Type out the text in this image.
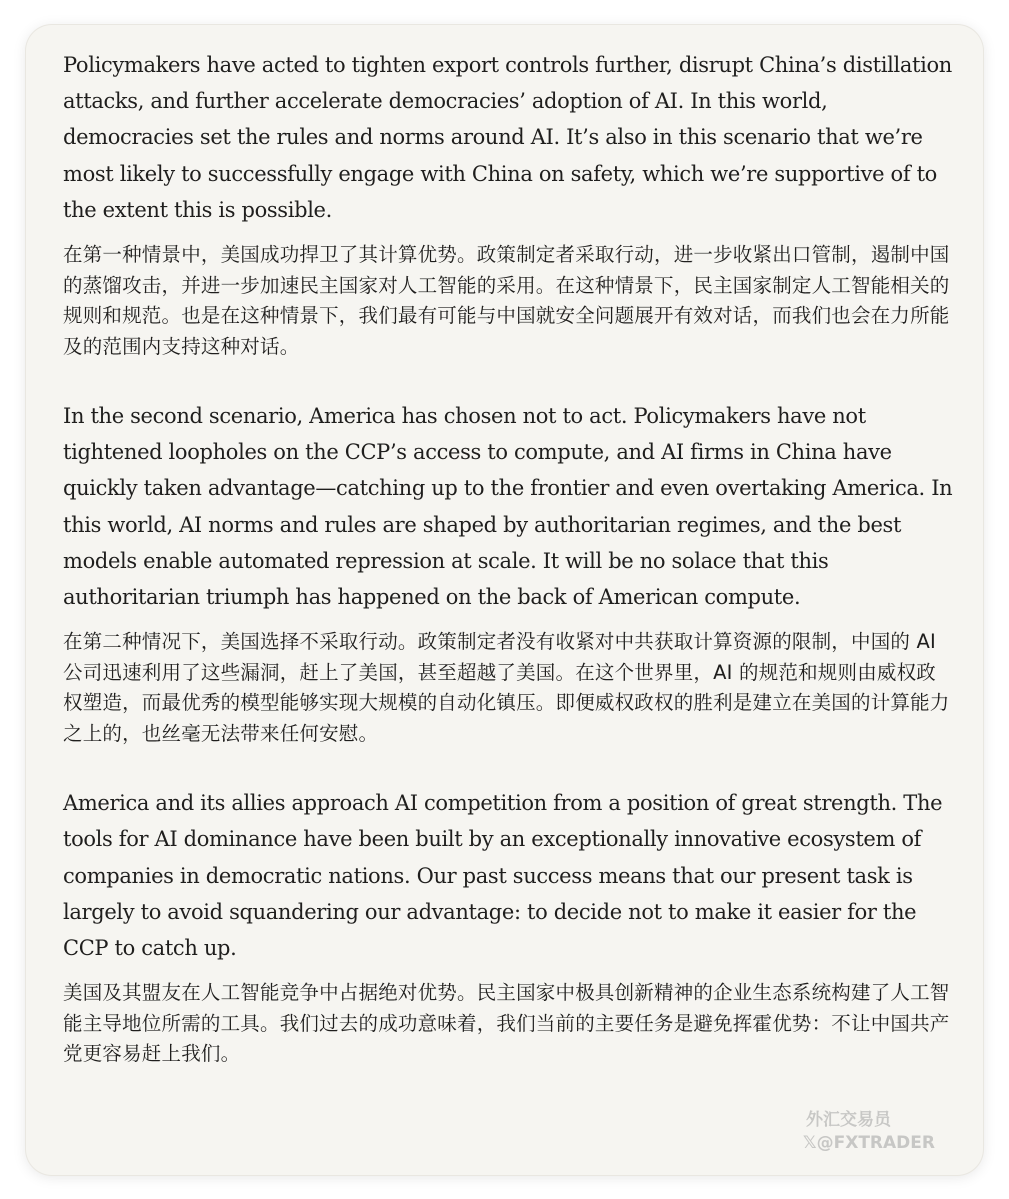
Policymakers have acted to tighten export controls further, disrupt China’s distillation attacks, and further accelerate democracies’ adoption of AI. In this world, democracies set the rules and norms around AI. It’s also in this scenario that we’re most likely to successfully engage with China on safety, which we’re supportive of to the extent this is possible.

在第一种情景中，美国成功捍卫了其计算优势。政策制定者采取行动，进一步收紧出口管制，遏制中国的蒸馏攻击，并进一步加速民主国家对人工智能的采用。在这种情景下，民主国家制定人工智能相关的规则和规范。也是在这种情景下，我们最有可能与中国就安全问题展开有效对话，而我们也会在力所能及的范围内支持这种对话。

In the second scenario, America has chosen not to act. Policymakers have not tightened loopholes on the CCP’s access to compute, and AI firms in China have quickly taken advantage—catching up to the frontier and even overtaking America. In this world, AI norms and rules are shaped by authoritarian regimes, and the best models enable automated repression at scale. It will be no solace that this authoritarian triumph has happened on the back of American compute.

在第二种情况下，美国选择不采取行动。政策制定者没有收紧对中共获取计算资源的限制，中国的 AI 公司迅速利用了这些漏洞，赶上了美国，甚至超越了美国。在这个世界里，AI 的规范和规则由威权政权塑造，而最优秀的模型能够实现大规模的自动化镇压。即便威权政权的胜利是建立在美国的计算能力之上的，也丝毫无法带来任何安慰。

America and its allies approach AI competition from a position of great strength. The tools for AI dominance have been built by an exceptionally innovative ecosystem of companies in democratic nations. Our past success means that our present task is largely to avoid squandering our advantage: to decide not to make it easier for the CCP to catch up.

美国及其盟友在人工智能竞争中占据绝对优势。民主国家中极具创新精神的企业生态系统构建了人工智能主导地位所需的工具。我们过去的成功意味着，我们当前的主要任务是避免挥霍优势：不让中国共产党更容易赶上我们。

外汇交易员
𝕏@FXTRADER
